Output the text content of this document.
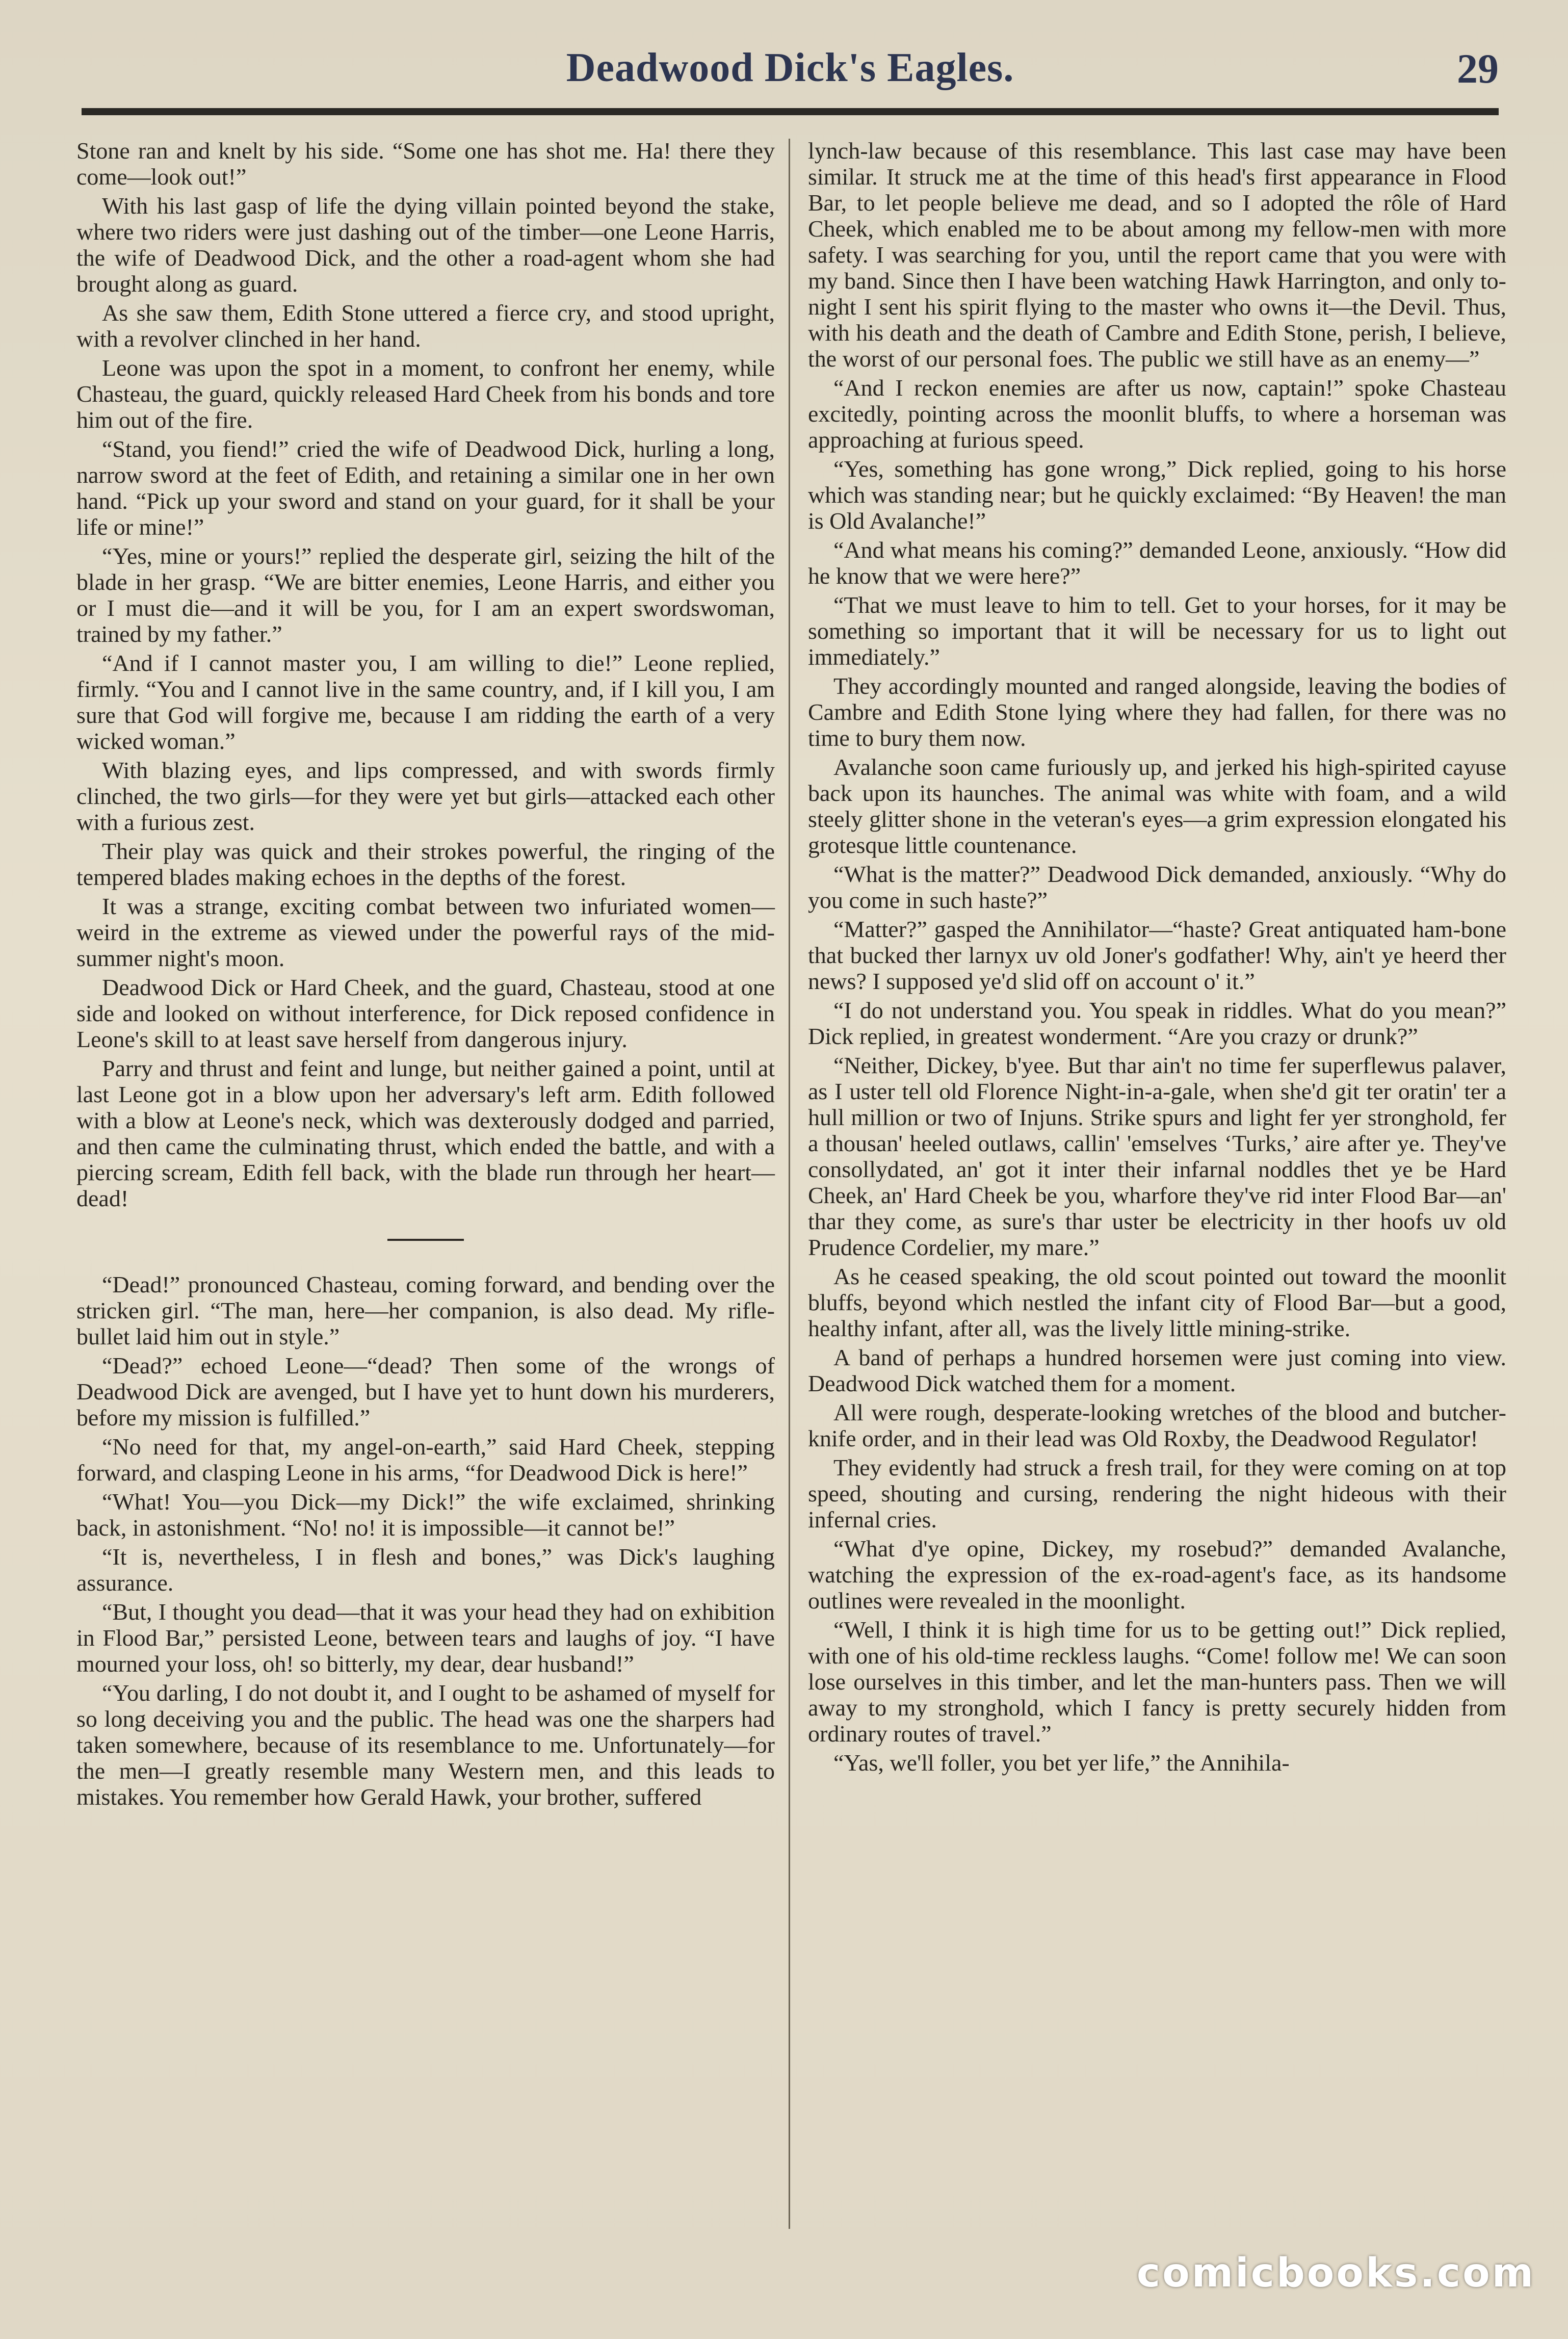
Deadwood Dick's Eagles.	29

Stone ran and knelt by his side. “Some one has shot me. Ha! there they come—look out!”

With his last gasp of life the dying villain pointed beyond the stake, where two riders were just dashing out of the timber—one Leone Harris, the wife of Deadwood Dick, and the other a road-agent whom she had brought along as guard.

As she saw them, Edith Stone uttered a fierce cry, and stood upright, with a revolver clinched in her hand.

Leone was upon the spot in a moment, to confront her enemy, while Chasteau, the guard, quickly released Hard Cheek from his bonds and tore him out of the fire.

“Stand, you fiend!” cried the wife of Deadwood Dick, hurling a long, narrow sword at the feet of Edith, and retaining a similar one in her own hand. “Pick up your sword and stand on your guard, for it shall be your life or mine!”

“Yes, mine or yours!” replied the desperate girl, seizing the hilt of the blade in her grasp. “We are bitter enemies, Leone Harris, and either you or I must die—and it will be you, for I am an expert swordswoman, trained by my father.”

“And if I cannot master you, I am willing to die!” Leone replied, firmly. “You and I cannot live in the same country, and, if I kill you, I am sure that God will forgive me, because I am ridding the earth of a very wicked woman.”

With blazing eyes, and lips compressed, and with swords firmly clinched, the two girls—for they were yet but girls—attacked each other with a furious zest.

Their play was quick and their strokes powerful, the ringing of the tempered blades making echoes in the depths of the forest.

It was a strange, exciting combat between two infuriated women—weird in the extreme as viewed under the powerful rays of the mid-summer night's moon.

Deadwood Dick or Hard Cheek, and the guard, Chasteau, stood at one side and looked on without interference, for Dick reposed confidence in Leone's skill to at least save herself from dangerous injury.

Parry and thrust and feint and lunge, but neither gained a point, until at last Leone got in a blow upon her adversary's left arm. Edith followed with a blow at Leone's neck, which was dexterously dodged and parried, and then came the culminating thrust, which ended the battle, and with a piercing scream, Edith fell back, with the blade run through her heart—dead!

“Dead!” pronounced Chasteau, coming forward, and bending over the stricken girl. “The man, here—her companion, is also dead. My rifle-bullet laid him out in style.”

“Dead?” echoed Leone—“dead? Then some of the wrongs of Deadwood Dick are avenged, but I have yet to hunt down his murderers, before my mission is fulfilled.”

“No need for that, my angel-on-earth,” said Hard Cheek, stepping forward, and clasping Leone in his arms, “for Deadwood Dick is here!”

“What! You—you Dick—my Dick!” the wife exclaimed, shrinking back, in astonishment. “No! no! it is impossible—it cannot be!”

“It is, nevertheless, I in flesh and bones,” was Dick's laughing assurance.

“But, I thought you dead—that it was your head they had on exhibition in Flood Bar,” persisted Leone, between tears and laughs of joy. “I have mourned your loss, oh! so bitterly, my dear, dear husband!”

“You darling, I do not doubt it, and I ought to be ashamed of myself for so long deceiving you and the public. The head was one the sharpers had taken somewhere, because of its resemblance to me. Unfortunately—for the men—I greatly resemble many Western men, and this leads to mistakes. You remember how Gerald Hawk, your brother, suffered

lynch-law because of this resemblance. This last case may have been similar. It struck me at the time of this head's first appearance in Flood Bar, to let people believe me dead, and so I adopted the rôle of Hard Cheek, which enabled me to be about among my fellow-men with more safety. I was searching for you, until the report came that you were with my band. Since then I have been watching Hawk Harrington, and only to-night I sent his spirit flying to the master who owns it—the Devil. Thus, with his death and the death of Cambre and Edith Stone, perish, I believe, the worst of our personal foes. The public we still have as an enemy—”

“And I reckon enemies are after us now, captain!” spoke Chasteau excitedly, pointing across the moonlit bluffs, to where a horseman was approaching at furious speed.

“Yes, something has gone wrong,” Dick replied, going to his horse which was standing near; but he quickly exclaimed: “By Heaven! the man is Old Avalanche!”

“And what means his coming?” demanded Leone, anxiously. “How did he know that we were here?”

“That we must leave to him to tell. Get to your horses, for it may be something so important that it will be necessary for us to light out immediately.”

They accordingly mounted and ranged alongside, leaving the bodies of Cambre and Edith Stone lying where they had fallen, for there was no time to bury them now.

Avalanche soon came furiously up, and jerked his high-spirited cayuse back upon its haunches. The animal was white with foam, and a wild steely glitter shone in the veteran's eyes—a grim expression elongated his grotesque little countenance.

“What is the matter?” Deadwood Dick demanded, anxiously. “Why do you come in such haste?”

“Matter?” gasped the Annihilator—“haste? Great antiquated ham-bone that bucked ther larnyx uv old Joner's godfather! Why, ain't ye heerd ther news? I supposed ye'd slid off on account o' it.”

“I do not understand you. You speak in riddles. What do you mean?” Dick replied, in greatest wonderment. “Are you crazy or drunk?”

“Neither, Dickey, b'yee. But thar ain't no time fer superflewus palaver, as I uster tell old Florence Night-in-a-gale, when she'd git ter oratin' ter a hull million or two of Injuns. Strike spurs and light fer yer stronghold, fer a thousan' heeled outlaws, callin' 'emselves ‘Turks,’ aire after ye. They've consollydated, an' got it inter their infarnal noddles thet ye be Hard Cheek, an' Hard Cheek be you, wharfore they've rid inter Flood Bar—an' thar they come, as sure's thar uster be electricity in ther hoofs uv old Prudence Cordelier, my mare.”

As he ceased speaking, the old scout pointed out toward the moonlit bluffs, beyond which nestled the infant city of Flood Bar—but a good, healthy infant, after all, was the lively little mining-strike.

A band of perhaps a hundred horsemen were just coming into view. Deadwood Dick watched them for a moment.

All were rough, desperate-looking wretches of the blood and butcher-knife order, and in their lead was Old Roxby, the Deadwood Regulator!

They evidently had struck a fresh trail, for they were coming on at top speed, shouting and cursing, rendering the night hideous with their infernal cries.

“What d'ye opine, Dickey, my rosebud?” demanded Avalanche, watching the expression of the ex-road-agent's face, as its handsome outlines were revealed in the moonlight.

“Well, I think it is high time for us to be getting out!” Dick replied, with one of his old-time reckless laughs. “Come! follow me! We can soon lose ourselves in this timber, and let the man-hunters pass. Then we will away to my stronghold, which I fancy is pretty securely hidden from ordinary routes of travel.”

“Yas, we'll foller, you bet yer life,” the Annihila-

comicbooks.com
